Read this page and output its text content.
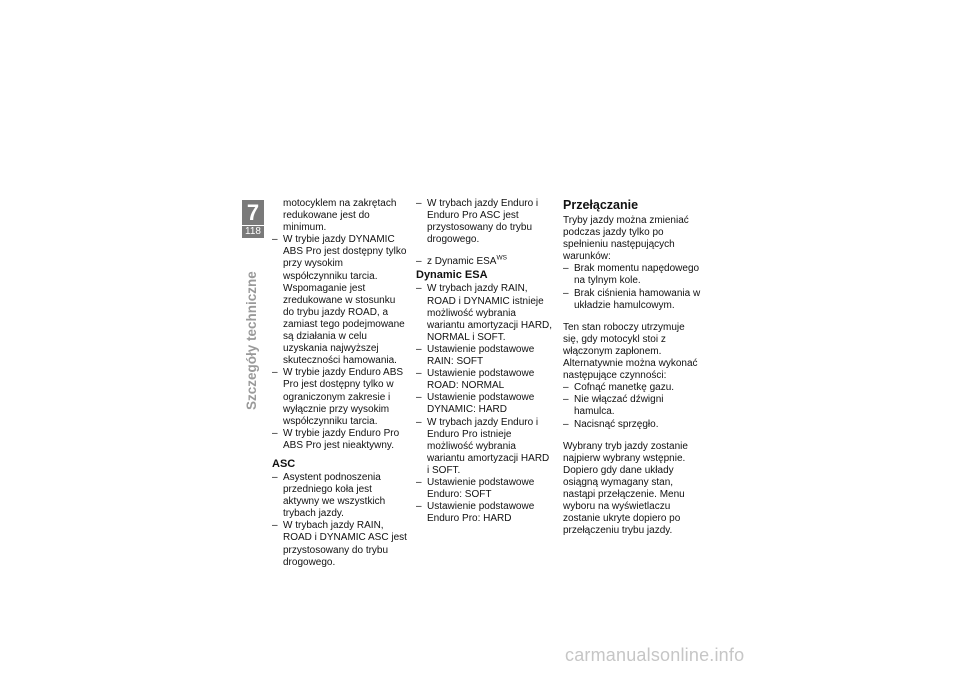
7
118
Szczegóły techniczne

motocyklem na zakrętach redukowane jest do minimum.

– W trybie jazdy DYNAMIC ABS Pro jest dostępny tylko przy wysokim współczynniku tarcia. Wspomaganie jest zredukowane w stosunku do trybu jazdy ROAD, a zamiast tego podejmowane są działania w celu uzyskania najwyższej skuteczności hamowania.
– W trybie jazdy Enduro ABS Pro jest dostępny tylko w ograniczonym zakresie i wyłącznie przy wysokim współczynniku tarcia.
– W trybie jazdy Enduro Pro ABS Pro jest nieaktywny.
ASC
– Asystent podnoszenia przedniego koła jest aktywny we wszystkich trybach jazdy.
– W trybach jazdy RAIN, ROAD i DYNAMIC ASC jest przystosowany do trybu drogowego.
– W trybach jazdy Enduro i Enduro Pro ASC jest przystosowany do trybu drogowego.
– z Dynamic $ESA^{WS}$
Dynamic ESA
– W trybach jazdy RAIN, ROAD i DYNAMIC istnieje możliwość wybrania wariantu amortyzacji HARD, NORMAL i SOFT.
– Ustawienie podstawowe RAIN: SOFT
– Ustawienie podstawowe ROAD: NORMAL
– Ustawienie podstawowe DYNAMIC: HARD
– W trybach jazdy Enduro i Enduro Pro istnieje możliwość wybrania wariantu amortyzacji HARD i SOFT.
– Ustawienie podstawowe Enduro: SOFT
– Ustawienie podstawowe Enduro Pro: HARD
Przełączanie

Tryby jazdy można zmieniać podczas jazdy tylko po spełnieniu następujących warunków:

– Brak momentu napędowego na tylnym kole.
– Brak ciśnienia hamowania w układzie hamulcowym.

Ten stan roboczy utrzymuje się, gdy motocykl stoi z włączonym zapłonem. Alternatywnie można wykonać następujące czynności:

– Cofnąć manetkę gazu.
– Nie włączać dźwigni hamulca.
– Nacisnąć sprzęgło.

Wybrany tryb jazdy zostanie najpierw wybrany wstępnie. Dopiero gdy dane układy osiągną wymagany stan, nastąpi przełączenie. Menu wyboru na wyświetlaczu zostanie ukryte dopiero po przełączeniu trybu jazdy.

carmanualsonline.info
